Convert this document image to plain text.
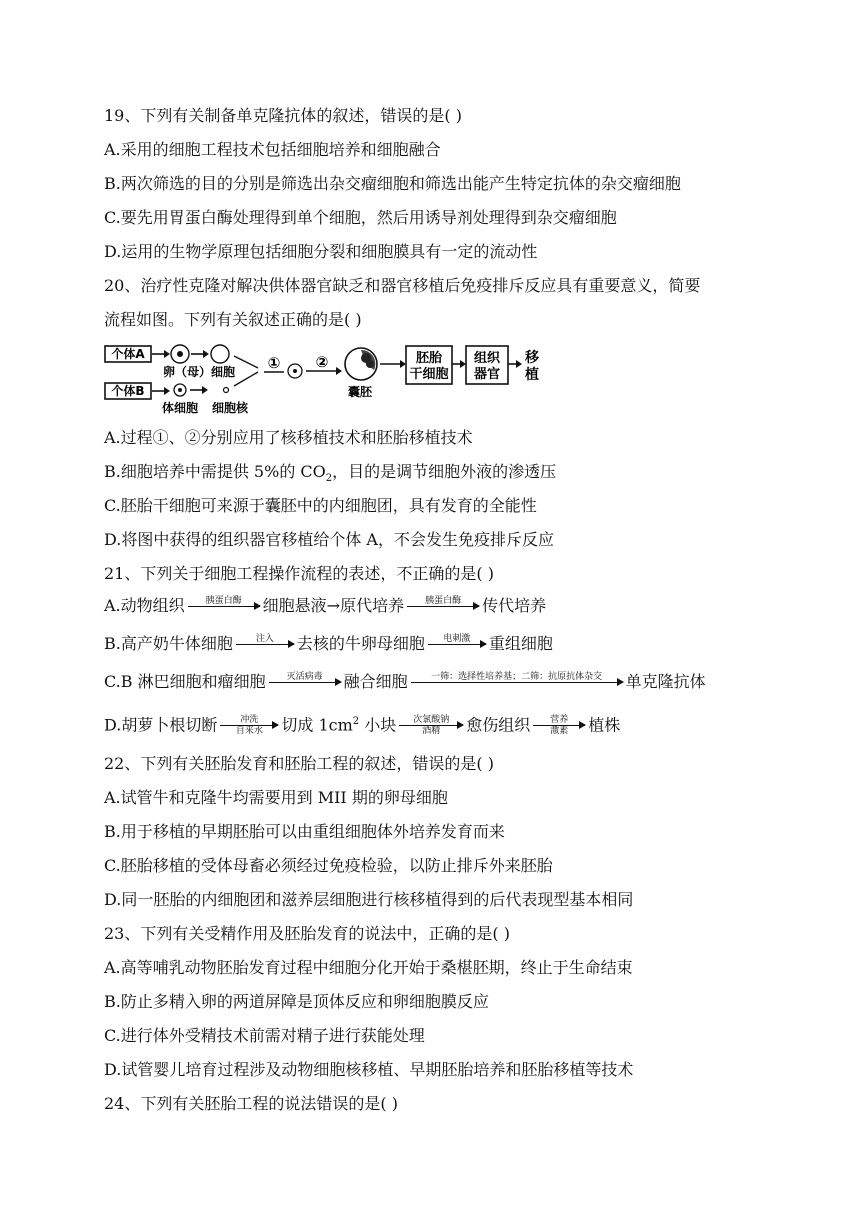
19、下列有关制备单克隆抗体的叙述，错误的是( )
A.采用的细胞工程技术包括细胞培养和细胞融合
B.两次筛选的目的分别是筛选出杂交瘤细胞和筛选出能产生特定抗体的杂交瘤细胞
C.要先用胃蛋白酶处理得到单个细胞，然后用诱导剂处理得到杂交瘤细胞
D.运用的生物学原理包括细胞分裂和细胞膜具有一定的流动性
20、治疗性克隆对解决供体器官缺乏和器官移植后免疫排斥反应具有重要意义，简要
流程如图。下列有关叙述正确的是( )
个体A
卵（母）细胞
个体B
体细胞 细胞核
① ②
囊胚
胚胎
干细胞
组织
器官
移
植
A.过程①、②分别应用了核移植技术和胚胎移植技术
B.细胞培养中需提供 5%的 $CO_2$，目的是调节细胞外液的渗透压
C.胚胎干细胞可来源于囊胚中的内细胞团，具有发育的全能性
D.将图中获得的组织器官移植给个体 A，不会发生免疫排斥反应
21、下列关于细胞工程操作流程的表述，不正确的是( )
A.动物组织	胰蛋白酶	细胞悬液→原代培养	胰蛋白酶	传代培养
B.高产奶牛体细胞	注入	去核的牛卵母细胞	电刺激	重组细胞
C.B 淋巴细胞和瘤细胞	灭活病毒	融合细胞	一筛：选择性培养基；二筛：抗原抗体杂交	单克隆抗体
D.胡萝卜根切断	冲洗
自来水	切成 $1cm^2$ 小块	次氯酸钠
酒精	愈伤组织	营养
激素	植株
22、下列有关胚胎发育和胚胎工程的叙述，错误的是( )
A.试管牛和克隆牛均需要用到 MII 期的卵母细胞
B.用于移植的早期胚胎可以由重组细胞体外培养发育而来
C.胚胎移植的受体母畜必须经过免疫检验，以防止排斥外来胚胎
D.同一胚胎的内细胞团和滋养层细胞进行核移植得到的后代表现型基本相同
23、下列有关受精作用及胚胎发育的说法中，正确的是( )
A.高等哺乳动物胚胎发育过程中细胞分化开始于桑椹胚期，终止于生命结束
B.防止多精入卵的两道屏障是顶体反应和卵细胞膜反应
C.进行体外受精技术前需对精子进行获能处理
D.试管婴儿培育过程涉及动物细胞核移植、早期胚胎培养和胚胎移植等技术
24、下列有关胚胎工程的说法错误的是( )
